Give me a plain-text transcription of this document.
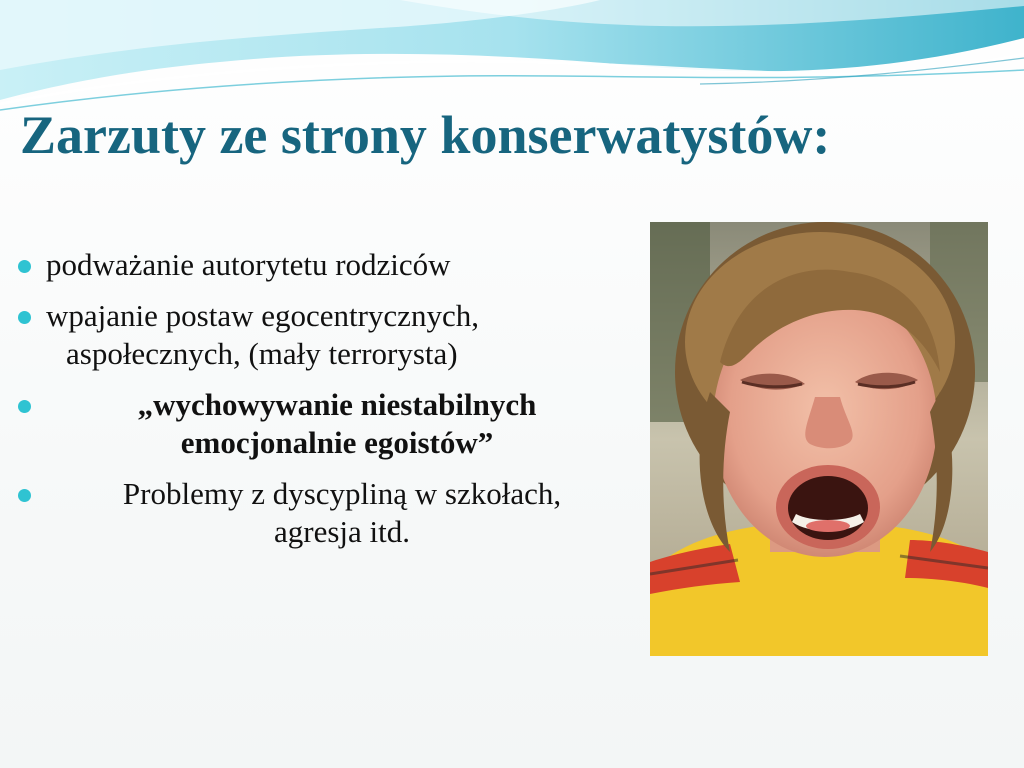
Zarzuty ze strony konserwatystów:
podważanie autorytetu rodziców
wpajanie postaw egocentrycznych,
aspołecznych, (mały terrorysta)
„wychowywanie niestabilnych
emocjonalnie egoistów”
Problemy z dyscypliną w szkołach,
agresja itd.
